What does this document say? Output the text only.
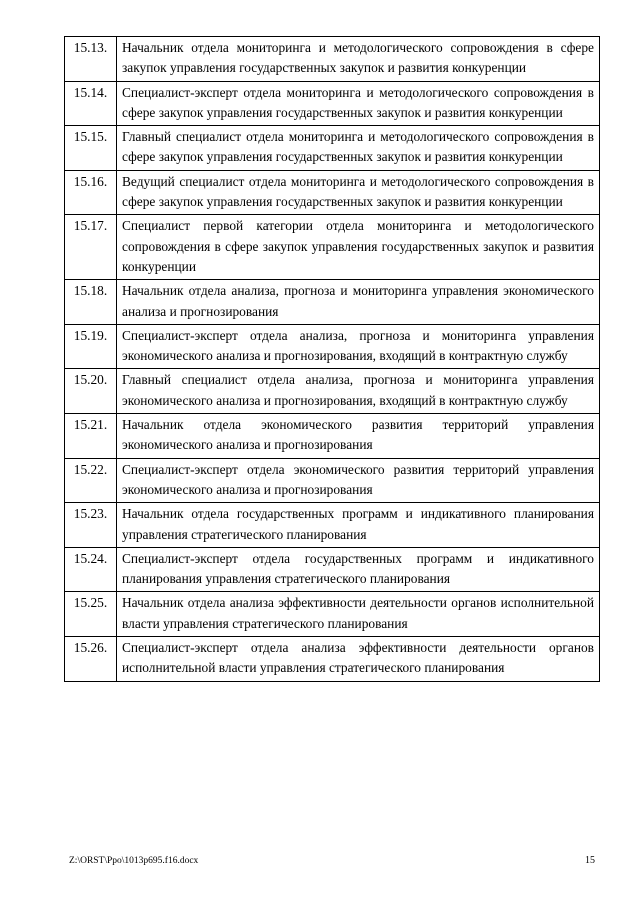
15.13.	Начальник отдела мониторинга и методологического сопровождения в сфере закупок управления государственных закупок и развития конкуренции
15.14.	Специалист-эксперт отдела мониторинга и методологического сопровождения в сфере закупок управления государственных закупок и развития конкуренции
15.15.	Главный специалист отдела мониторинга и методологического сопровождения в сфере закупок управления государственных закупок и развития конкуренции
15.16.	Ведущий специалист отдела мониторинга и методологического сопровождения в сфере закупок управления государственных закупок и развития конкуренции
15.17.	Специалист первой категории отдела мониторинга и методологического сопровождения в сфере закупок управления государственных закупок и развития конкуренции
15.18.	Начальник отдела анализа, прогноза и мониторинга управления экономического анализа и прогнозирования
15.19.	Специалист-эксперт отдела анализа, прогноза и мониторинга управления экономического анализа и прогнозирования, входящий в контрактную службу
15.20.	Главный специалист отдела анализа, прогноза и мониторинга управления экономического анализа и прогнозирования, входящий в контрактную службу
15.21.	Начальник отдела экономического развития территорий управления экономического анализа и прогнозирования
15.22.	Специалист-эксперт отдела экономического развития территорий управления экономического анализа и прогнозирования
15.23.	Начальник отдела государственных программ и индикативного планирования управления стратегического планирования
15.24.	Специалист-эксперт отдела государственных программ и индикативного планирования управления стратегического планирования
15.25.	Начальник отдела анализа эффективности деятельности органов исполнительной власти управления стратегического планирования
15.26.	Специалист-эксперт отдела анализа эффективности деятельности органов исполнительной власти управления стратегического планирования
Z:\ORST\Ppo\1013p695.f16.docx	15
